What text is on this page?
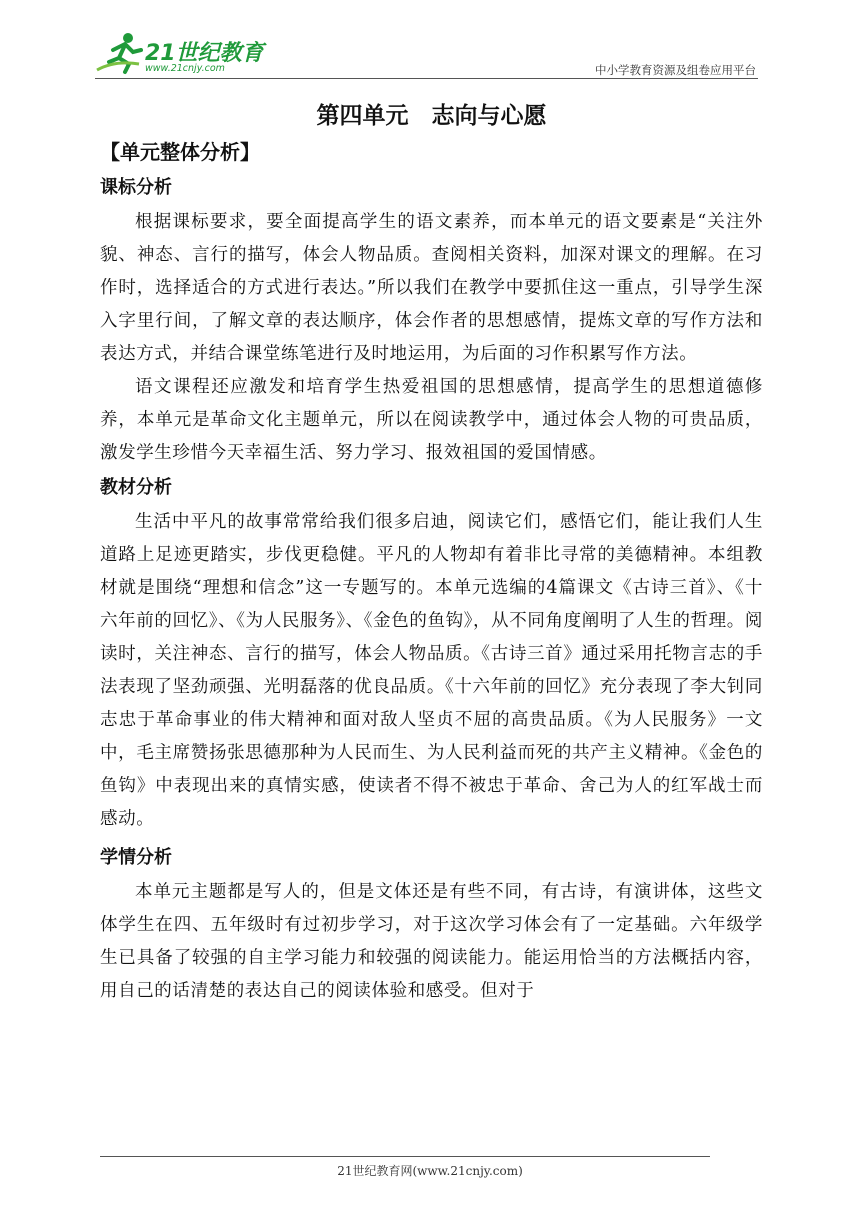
21世纪教育
www.21cnjy.com	中小学教育资源及组卷应用平台
第四单元　志向与心愿
【单元整体分析】
课标分析

根据课标要求，要全面提高学生的语文素养，而本单元的语文要素是“关注外貌、神态、言行的描写，体会人物品质。查阅相关资料，加深对课文的理解。在习作时，选择适合的方式进行表达。”所以我们在教学中要抓住这一重点，引导学生深入字里行间，了解文章的表达顺序，体会作者的思想感情，提炼文章的写作方法和表达方式，并结合课堂练笔进行及时地运用，为后面的习作积累写作方法。

语文课程还应激发和培育学生热爱祖国的思想感情，提高学生的思想道德修养，本单元是革命文化主题单元，所以在阅读教学中，通过体会人物的可贵品质，激发学生珍惜今天幸福生活、努力学习、报效祖国的爱国情感。

教材分析

生活中平凡的故事常常给我们很多启迪，阅读它们，感悟它们，能让我们人生道路上足迹更踏实，步伐更稳健。平凡的人物却有着非比寻常的美德精神。本组教材就是围绕“理想和信念”这一专题写的。本单元选编的4篇课文《古诗三首》、《十六年前的回忆》、《为人民服务》、《金色的鱼钩》，从不同角度阐明了人生的哲理。阅读时，关注神态、言行的描写，体会人物品质。《古诗三首》通过采用托物言志的手法表现了坚劲顽强、光明磊落的优良品质。《十六年前的回忆》充分表现了李大钊同志忠于革命事业的伟大精神和面对敌人坚贞不屈的高贵品质。《为人民服务》一文中，毛主席赞扬张思德那种为人民而生、为人民利益而死的共产主义精神。《金色的鱼钩》中表现出来的真情实感，使读者不得不被忠于革命、舍己为人的红军战士而感动。

学情分析

本单元主题都是写人的，但是文体还是有些不同，有古诗，有演讲体，这些文体学生在四、五年级时有过初步学习，对于这次学习体会有了一定基础。六年级学生已具备了较强的自主学习能力和较强的阅读能力。能运用恰当的方法概括内容，用自己的话清楚的表达自己的阅读体验和感受。但对于

21世纪教育网(www.21cnjy.com)
